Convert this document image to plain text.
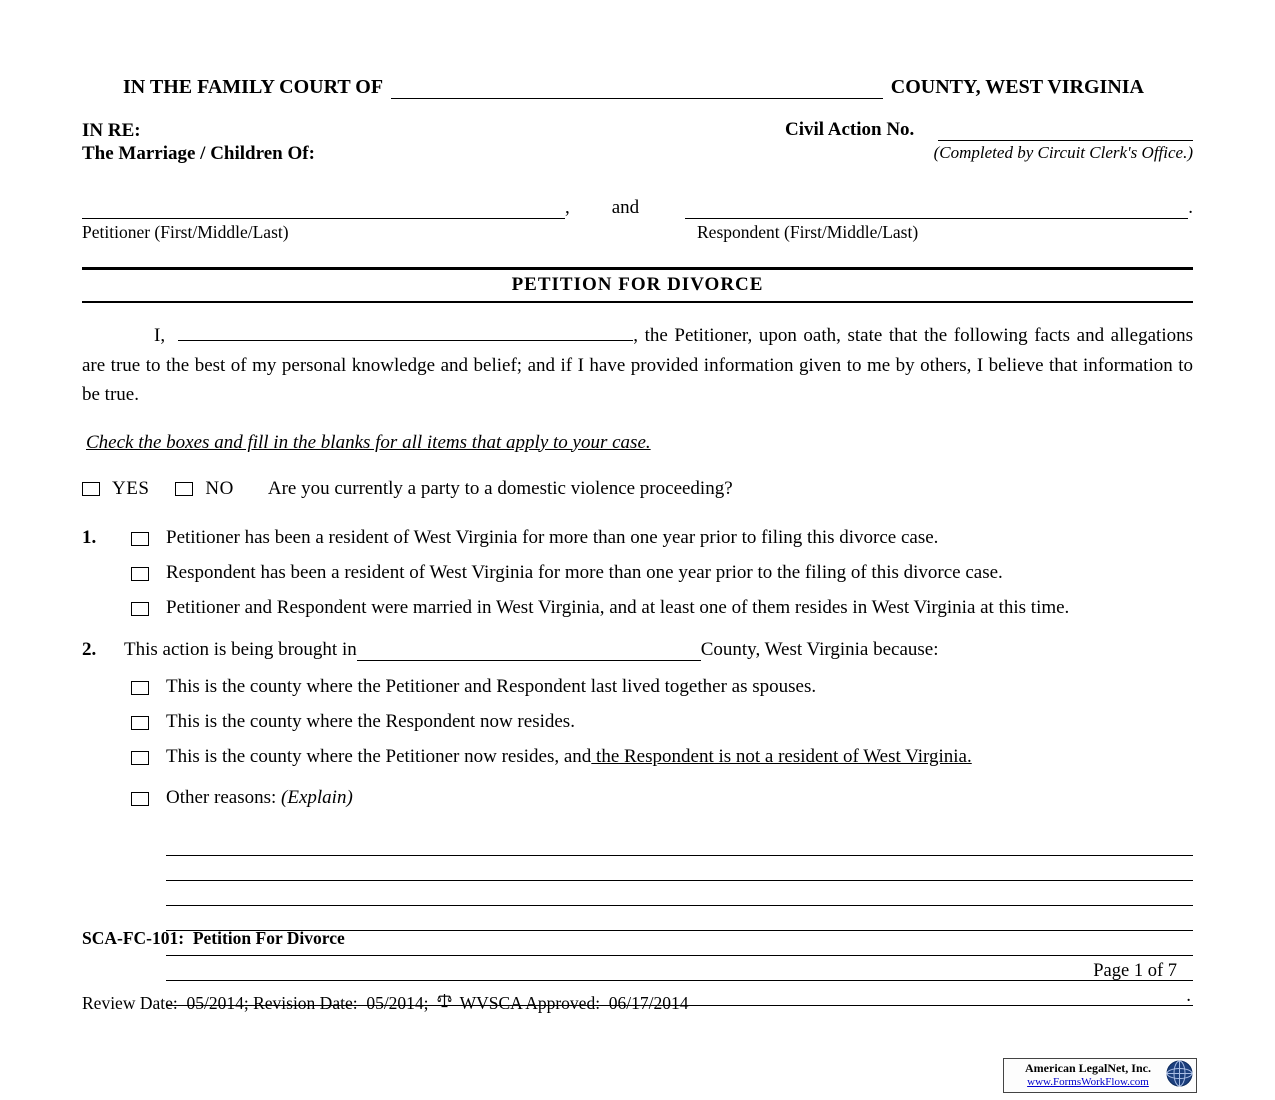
IN THE FAMILY COURT OF	COUNTY, WEST VIRGINIA
IN RE:
The Marriage / Children Of:
Civil Action No.
(Completed by Circuit Clerk's Office.)
, and	.
Petitioner (First/Middle/Last)	Respondent (First/Middle/Last)
PETITION FOR DIVORCE

I,	, the Petitioner, upon oath, state that the following facts and allegations are true to the best of my personal knowledge and belief; and if I have provided information given to me by others, I believe that information to be true.

Check the boxes and fill in the blanks for all items that apply to your case.
YES	NO Are you currently a party to a domestic violence proceeding?
1.	Petitioner has been a resident of West Virginia for more than one year prior to filing this divorce case.
Respondent has been a resident of West Virginia for more than one year prior to the filing of this divorce case.
Petitioner and Respondent were married in West Virginia, and at least one of them resides in West Virginia at this time.
2.	This action is being brought in	County, West Virginia because:
This is the county where the Petitioner and Respondent last lived together as spouses.
This is the county where the Respondent now resides.
This is the county where the Petitioner now resides, and the Respondent is not a resident of West Virginia.
Other reasons: (Explain)
.

SCA-FC-101:  Petition For Divorce

Review Date:  05/2014; Revision Date:  05/2014; WVSCA Approved:  06/17/2014

Page 1 of 7
American LegalNet, Inc.
www.FormsWorkFlow.com
